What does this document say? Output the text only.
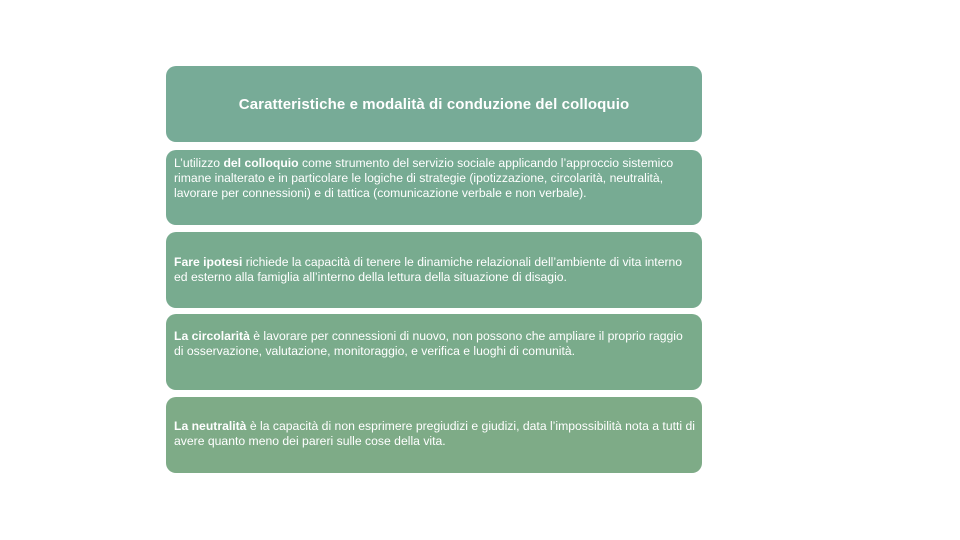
Caratteristiche e modalità di conduzione del colloquio
L’utilizzo del colloquio come strumento del servizio sociale applicando l’approccio sistemico rimane inalterato e in particolare le logiche di strategie (ipotizzazione, circolarità, neutralità, lavorare per connessioni) e di tattica (comunicazione verbale e non verbale).
Fare ipotesi richiede la capacità di tenere le dinamiche relazionali dell’ambiente di vita interno ed esterno alla famiglia all’interno della lettura della situazione di disagio.
La circolarità è lavorare per connessioni di nuovo, non possono che ampliare il proprio raggio di osservazione, valutazione, monitoraggio, e verifica e luoghi di comunità.
La neutralità è la capacità di non esprimere pregiudizi e giudizi, data l’impossibilità nota a tutti di avere quanto meno dei pareri sulle cose della vita.
